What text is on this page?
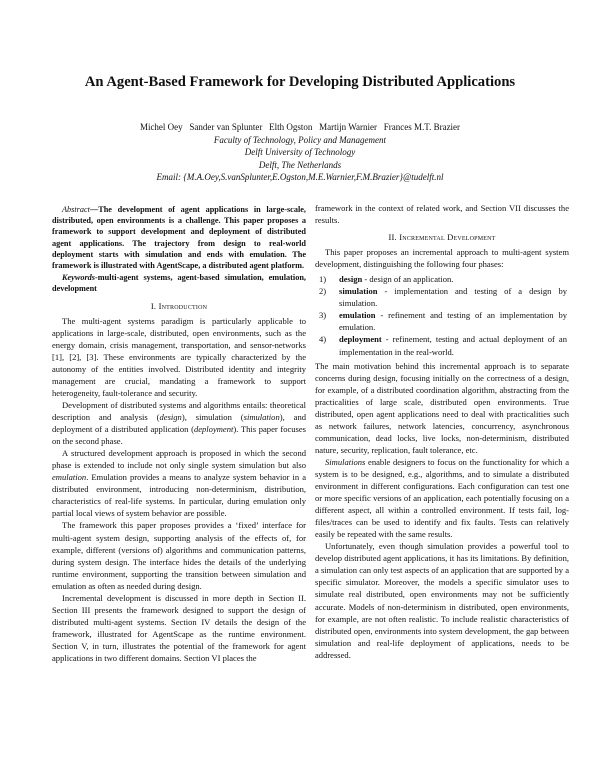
An Agent-Based Framework for Developing Distributed Applications
Michel Oey   Sander van Splunter   Elth Ogston   Martijn Warnier   Frances M.T. Brazier
Faculty of Technology, Policy and Management
Delft University of Technology
Delft, The Netherlands
Email: {M.A.Oey,S.vanSplunter,E.Ogston,M.E.Warnier,F.M.Brazier}@tudelft.nl

Abstract—The development of agent applications in large-scale, distributed, open environments is a challenge. This paper proposes a framework to support development and deployment of distributed agent applications. The trajectory from design to real-world deployment starts with simulation and ends with emulation. The framework is illustrated with AgentScape, a distributed agent platform.

Keywords-multi-agent systems, agent-based simulation, emulation, development

I. Introduction

The multi-agent systems paradigm is particularly applicable to applications in large-scale, distributed, open environments, such as the energy domain, crisis management, transportation, and sensor-networks [1], [2], [3]. These environments are typically characterized by the autonomy of the entities involved. Distributed identity and integrity management are crucial, mandating a framework to support heterogeneity, fault-tolerance and security.

Development of distributed systems and algorithms entails: theoretical description and analysis (design), simulation (simulation), and deployment of a distributed application (deployment). This paper focuses on the second phase.

A structured development approach is proposed in which the second phase is extended to include not only single system simulation but also emulation. Emulation provides a means to analyze system behavior in a distributed environment, introducing non-determinism, distribution, characteristics of real-life systems. In particular, during emulation only partial local views of system behavior are possible.

The framework this paper proposes provides a ‘fixed’ interface for multi-agent system design, supporting analysis of the effects of, for example, different (versions of) algorithms and communication patterns, during system design. The interface hides the details of the underlying runtime environment, supporting the transition between simulation and emulation as often as needed during design.

Incremental development is discussed in more depth in Section II. Section III presents the framework designed to support the design of distributed multi-agent systems. Section IV details the design of the framework, illustrated for AgentScape as the runtime environment. Section V, in turn, illustrates the potential of the framework for agent applications in two different domains. Section VI places the

framework in the context of related work, and Section VII discusses the results.

II. Incremental Development

This paper proposes an incremental approach to multi-agent system development, distinguishing the following four phases:

1) design - design of an application.
2) simulation - implementation and testing of a design by simulation.
3) emulation - refinement and testing of an implementation by emulation.
4) deployment - refinement, testing and actual deployment of an implementation in the real-world.

The main motivation behind this incremental approach is to separate concerns during design, focusing initially on the correctness of a design, for example, of a distributed coordination algorithm, abstracting from the practicalities of large scale, distributed open environments. True distributed, open agent applications need to deal with practicalities such as network failures, network latencies, concurrency, asynchronous communication, dead locks, live locks, non-determinism, distributed nature, security, replication, fault tolerance, etc.

Simulations enable designers to focus on the functionality for which a system is to be designed, e.g., algorithms, and to simulate a distributed environment in different configurations. Each configuration can test one or more specific versions of an application, each potentially focusing on a different aspect, all within a controlled environment. If tests fail, log-files/traces can be used to identify and fix faults. Tests can relatively easily be repeated with the same results.

Unfortunately, even though simulation provides a powerful tool to develop distributed agent applications, it has its limitations. By definition, a simulation can only test aspects of an application that are supported by a specific simulator. Moreover, the models a specific simulator uses to simulate real distributed, open environments may not be sufficiently accurate. Models of non-determinism in distributed, open environments, for example, are not often realistic. To include realistic characteristics of distributed open, environments into system development, the gap between simulation and real-life deployment of applications, needs to be addressed.
